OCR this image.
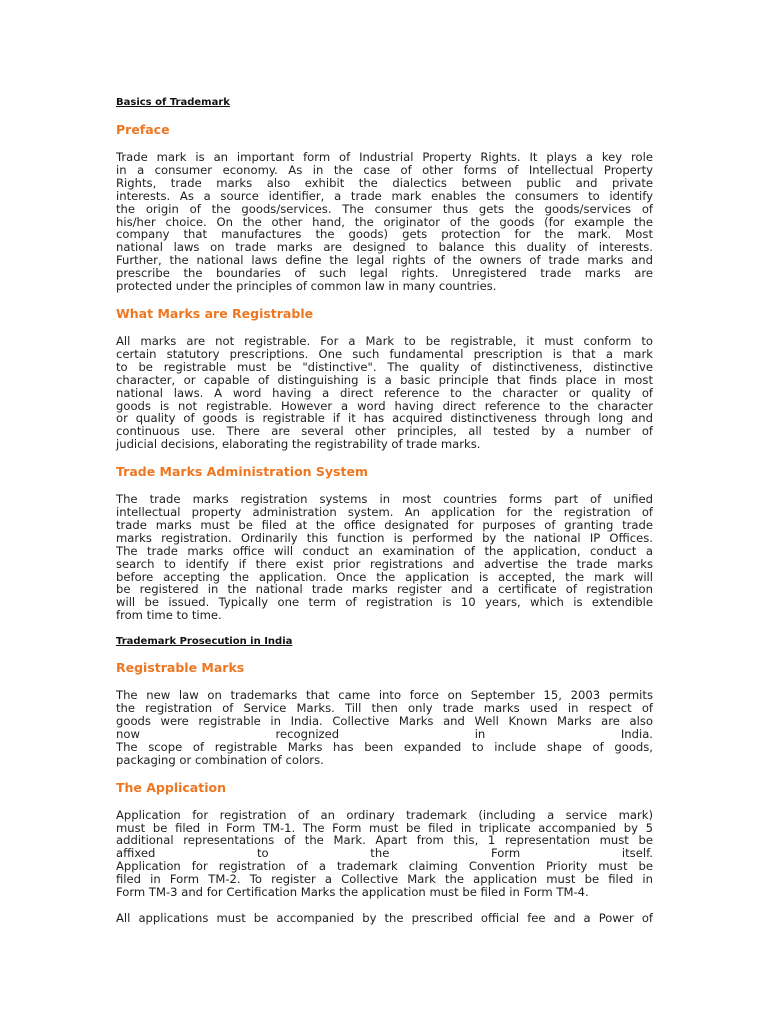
Basics of Trademark

Preface

Trade mark is an important form of Industrial Property Rights. It plays a key role
in a consumer economy. As in the case of other forms of Intellectual Property
Rights, trade marks also exhibit the dialectics between public and private
interests. As a source identifier, a trade mark enables the consumers to identify
the origin of the goods/services. The consumer thus gets the goods/services of
his/her choice. On the other hand, the originator of the goods (for example the
company that manufactures the goods) gets protection for the mark. Most
national laws on trade marks are designed to balance this duality of interests.
Further, the national laws define the legal rights of the owners of trade marks and
prescribe the boundaries of such legal rights. Unregistered trade marks are
protected under the principles of common law in many countries.

What Marks are Registrable

All marks are not registrable. For a Mark to be registrable, it must conform to
certain statutory prescriptions. One such fundamental prescription is that a mark
to be registrable must be "distinctive". The quality of distinctiveness, distinctive
character, or capable of distinguishing is a basic principle that finds place in most
national laws. A word having a direct reference to the character or quality of
goods is not registrable. However a word having direct reference to the character
or quality of goods is registrable if it has acquired distinctiveness through long and
continuous use. There are several other principles, all tested by a number of
judicial decisions, elaborating the registrability of trade marks.

Trade Marks Administration System

The trade marks registration systems in most countries forms part of unified
intellectual property administration system. An application for the registration of
trade marks must be filed at the office designated for purposes of granting trade
marks registration. Ordinarily this function is performed by the national IP Offices.
The trade marks office will conduct an examination of the application, conduct a
search to identify if there exist prior registrations and advertise the trade marks
before accepting the application. Once the application is accepted, the mark will
be registered in the national trade marks register and a certificate of registration
will be issued. Typically one term of registration is 10 years, which is extendible
from time to time.

Trademark Prosecution in India

Registrable Marks

The new law on trademarks that came into force on September 15, 2003 permits
the registration of Service Marks. Till then only trade marks used in respect of
goods were registrable in India. Collective Marks and Well Known Marks are also
now recognized in India.
The scope of registrable Marks has been expanded to include shape of goods,
packaging or combination of colors.

The Application

Application for registration of an ordinary trademark (including a service mark)
must be filed in Form TM-1. The Form must be filed in triplicate accompanied by 5
additional representations of the Mark. Apart from this, 1 representation must be
affixed to the Form itself.
Application for registration of a trademark claiming Convention Priority must be
filed in Form TM-2. To register a Collective Mark the application must be filed in
Form TM-3 and for Certification Marks the application must be filed in Form TM-4.

All applications must be accompanied by the prescribed official fee and a Power of
